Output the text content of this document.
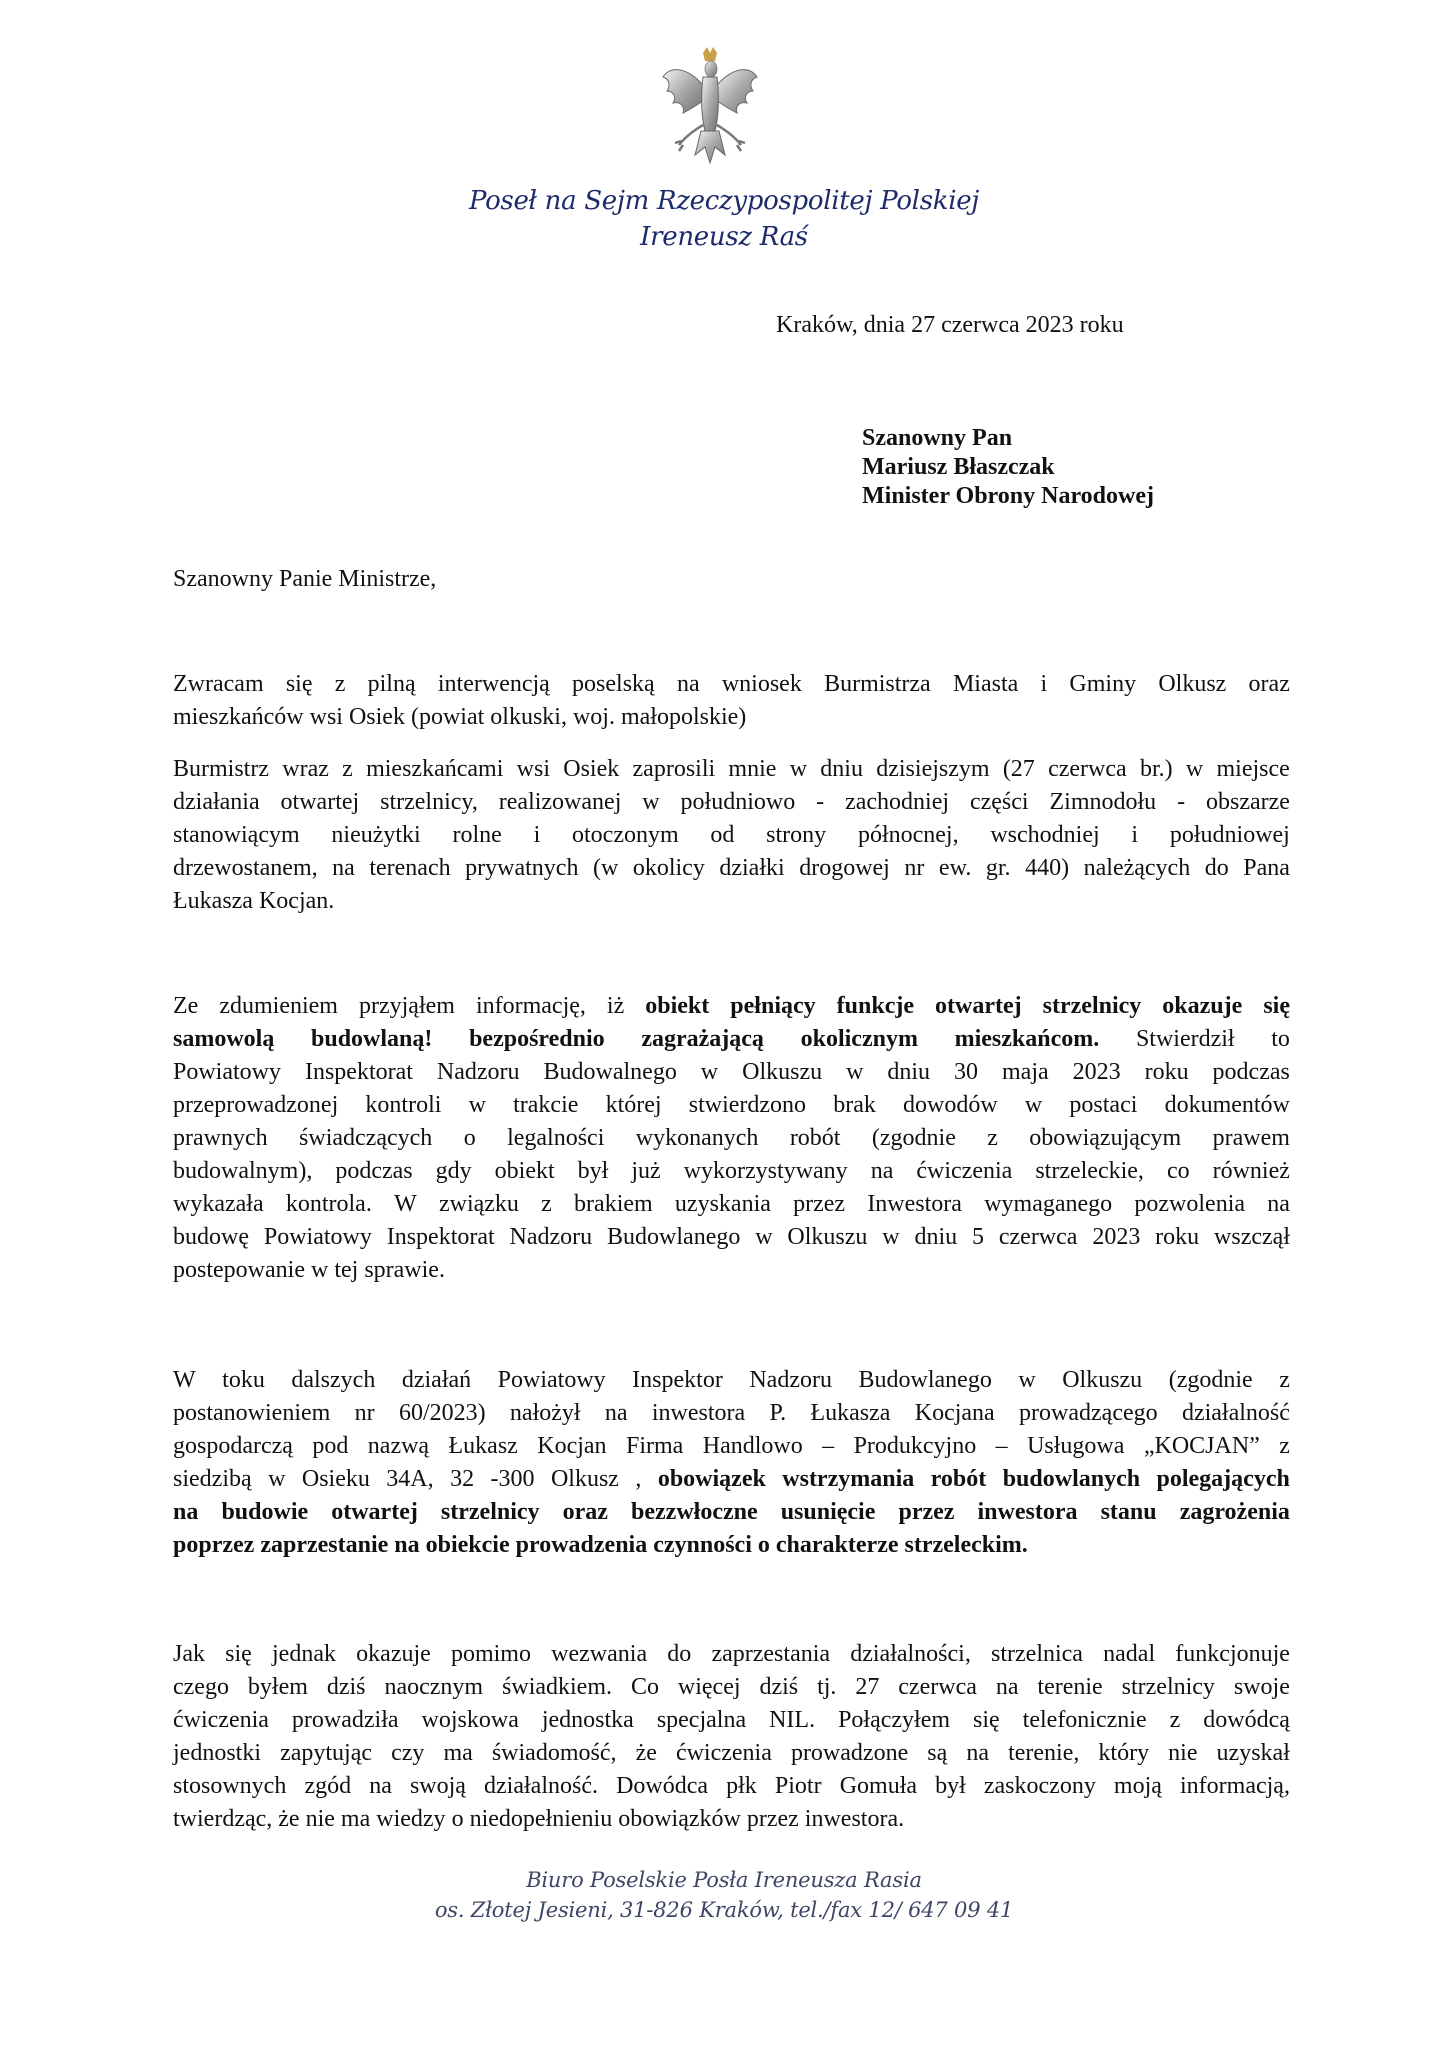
Poseł na Sejm Rzeczypospolitej Polskiej
Ireneusz Raś
Kraków, dnia 27 czerwca 2023 roku
Szanowny Pan
Mariusz Błaszczak
Minister Obrony Narodowej
Szanowny Panie Ministrze,
Zwracam się z pilną interwencją poselską na wniosek Burmistrza Miasta i Gminy Olkusz oraz
mieszkańców wsi Osiek (powiat olkuski, woj. małopolskie)
Burmistrz wraz z mieszkańcami wsi Osiek zaprosili mnie w dniu dzisiejszym (27 czerwca br.) w miejsce
działania otwartej strzelnicy, realizowanej w południowo - zachodniej części Zimnodołu - obszarze
stanowiącym nieużytki rolne i otoczonym od strony północnej, wschodniej i południowej
drzewostanem, na terenach prywatnych (w okolicy działki drogowej nr ew. gr. 440) należących do Pana
Łukasza Kocjan.
Ze zdumieniem przyjąłem informację, iż obiekt pełniący funkcje otwartej strzelnicy okazuje się
samowolą budowlaną! bezpośrednio zagrażającą okolicznym mieszkańcom. Stwierdził to
Powiatowy Inspektorat Nadzoru Budowalnego w Olkuszu w dniu 30 maja 2023 roku podczas
przeprowadzonej kontroli w trakcie której stwierdzono brak dowodów w postaci dokumentów
prawnych świadczących o legalności wykonanych robót (zgodnie z obowiązującym prawem
budowalnym), podczas gdy obiekt był już wykorzystywany na ćwiczenia strzeleckie, co również
wykazała kontrola. W związku z brakiem uzyskania przez Inwestora wymaganego pozwolenia na
budowę Powiatowy Inspektorat Nadzoru Budowlanego w Olkuszu w dniu 5 czerwca 2023 roku wszczął
postepowanie w tej sprawie.
W toku dalszych działań Powiatowy Inspektor Nadzoru Budowlanego w Olkuszu (zgodnie z
postanowieniem nr 60/2023) nałożył na inwestora P. Łukasza Kocjana prowadzącego działalność
gospodarczą pod nazwą Łukasz Kocjan Firma Handlowo – Produkcyjno – Usługowa „KOCJAN” z
siedzibą w Osieku 34A, 32 -300 Olkusz , obowiązek wstrzymania robót budowlanych polegających
na budowie otwartej strzelnicy oraz bezzwłoczne usunięcie przez inwestora stanu zagrożenia
poprzez zaprzestanie na obiekcie prowadzenia czynności o charakterze strzeleckim.
Jak się jednak okazuje pomimo wezwania do zaprzestania działalności, strzelnica nadal funkcjonuje
czego byłem dziś naocznym świadkiem. Co więcej dziś tj. 27 czerwca na terenie strzelnicy swoje
ćwiczenia prowadziła wojskowa jednostka specjalna NIL. Połączyłem się telefonicznie z dowódcą
jednostki zapytując czy ma świadomość, że ćwiczenia prowadzone są na terenie, który nie uzyskał
stosownych zgód na swoją działalność. Dowódca płk Piotr Gomuła był zaskoczony moją informacją,
twierdząc, że nie ma wiedzy o niedopełnieniu obowiązków przez inwestora.
Biuro Poselskie Posła Ireneusza Rasia
os. Złotej Jesieni, 31-826 Kraków, tel./fax 12/ 647 09 41
